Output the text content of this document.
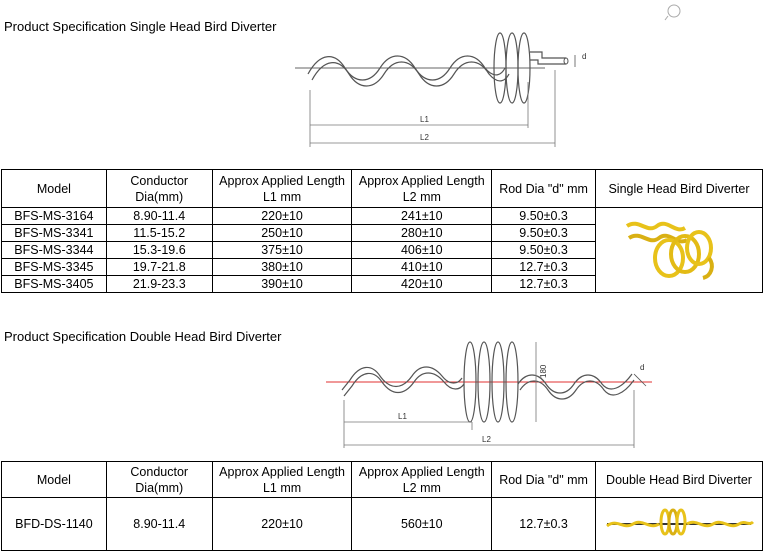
Product Specification Single Head Bird Diverter
d
L1
L2
Model	Conductor Dia(mm)	Approx Applied Length L1 mm	Approx Applied Length L2 mm	Rod Dia "d" mm	Single Head Bird Diverter
BFS-MS-3164	8.90-11.4	220±10	241±10	9.50±0.3	
BFS-MS-3341	11.5-15.2	250±10	280±10	9.50±0.3	
BFS-MS-3344	15.3-19.6	375±10	406±10	9.50±0.3	
BFS-MS-3345	19.7-21.8	380±10	410±10	12.7±0.3	
BFS-MS-3405	21.9-23.3	390±10	420±10	12.7±0.3	
Product Specification Double Head Bird Diverter
d
180
L1
L2
Model	Conductor Dia(mm)	Approx Applied Length L1 mm	Approx Applied Length L2 mm	Rod Dia "d" mm	Double Head Bird Diverter
BFD-DS-1140	8.90-11.4	220±10	560±10	12.7±0.3	
